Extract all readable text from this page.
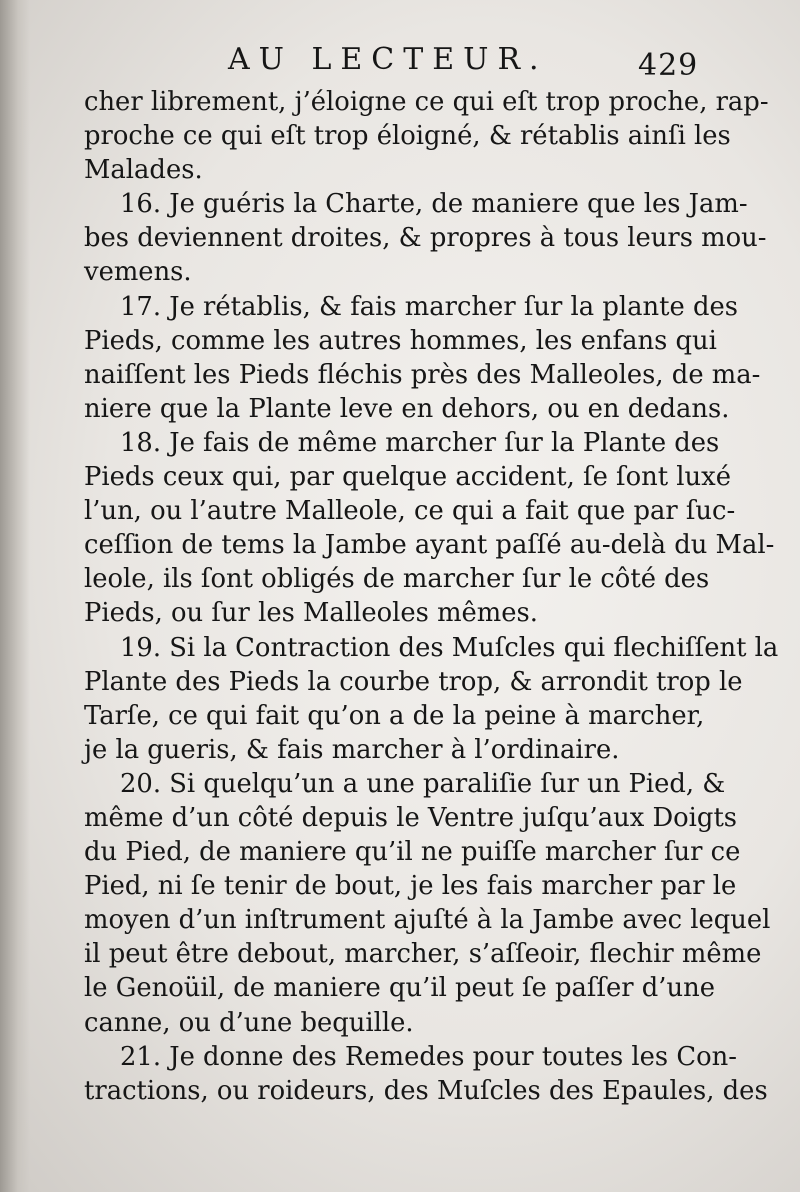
AU LECTEUR.	429
cher librement, j’éloigne ce qui eſt trop proche, rap-
proche ce qui eſt trop éloigné, & rétablis ainſi les
Malades.
16. Je guéris la Charte, de maniere que les Jam-
bes deviennent droites, & propres à tous leurs mou-
vemens.
17. Je rétablis, & fais marcher ſur la plante des
Pieds, comme les autres hommes, les enfans qui
naiſſent les Pieds fléchis près des Malleoles, de ma-
niere que la Plante leve en dehors, ou en dedans.
18. Je fais de même marcher ſur la Plante des
Pieds ceux qui, par quelque accident, ſe ſont luxé
l’un, ou l’autre Malleole, ce qui a fait que par ſuc-
ceſſion de tems la Jambe ayant paſſé au-delà du Mal-
leole, ils ſont obligés de marcher ſur le côté des
Pieds, ou ſur les Malleoles mêmes.
19. Si la Contraction des Muſcles qui flechiſſent la
Plante des Pieds la courbe trop, & arrondit trop le
Tarſe, ce qui fait qu’on a de la peine à marcher,
je la gueris, & fais marcher à l’ordinaire.
20. Si quelqu’un a une paraliſie ſur un Pied, &
même d’un côté depuis le Ventre juſqu’aux Doigts
du Pied, de maniere qu’il ne puiſſe marcher ſur ce
Pied, ni ſe tenir de bout, je les fais marcher par le
moyen d’un inſtrument ajuſté à la Jambe avec lequel
il peut être debout, marcher, s’aſſeoir, flechir même
le Genoüil, de maniere qu’il peut ſe paſſer d’une
canne, ou d’une bequille.
21. Je donne des Remedes pour toutes les Con-
tractions, ou roideurs, des Muſcles des Epaules, des
